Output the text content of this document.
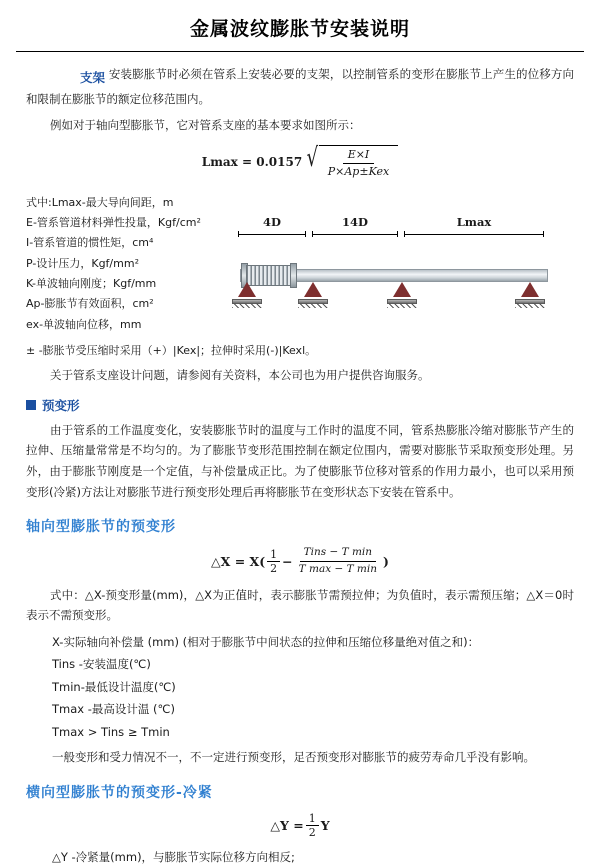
金属波纹膨胀节安装说明

支架 安装膨胀节时必须在管系上安装必要的支架，以控制管系的变形在膨胀节上产生的位移方向和限制在膨胀节的额定位移范围内。

例如对于轴向型膨胀节，它对管系支座的基本要求如图所示：

Lmax = 0.0157 √ $\frac{E\times I}{\text{P×Ap±Kex}}$
式中:Lmax-最大导向间距，m
E-管系管道材料弹性投量，Kgf/cm²
I-管系管道的惯性矩，cm⁴
P-设计压力，Kgf/mm²
K-单波轴向刚度；Kgf/mm
Ap-膨胀节有效面积，cm²
ex-单波轴向位移，mm
4D	14D	Lmax

± -膨胀节受压缩时采用（+）|Kex|；拉伸时采用(-)|Kexl。

关于管系支座设计问题，请参阅有关资料，本公司也为用户提供咨询服务。

预变形

由于管系的工作温度变化，安装膨胀节时的温度与工作时的温度不同，管系热膨胀冷缩对膨胀节产生的拉伸、压缩量常常是不均匀的。为了膨胀节变形范围控制在额定位围内，需要对膨胀节采取预变形处理。另外，由于膨胀节刚度是一个定值，与补偿量成正比。为了使膨胀节位移对管系的作用力最小，也可以采用预变形(冷紧)方法让对膨胀节进行预变形处理后再将膨胀节在变形状态下安装在管系中。

轴向型膨胀节的预变形
△X = X( 1
2 −
Tins − T min
T max − T min )

式中：△X-预变形量(mm)，△X为正值时，表示膨胀节需预拉伸；为负值时，表示需预压缩；△X＝0时表示不需预变形。

X-实际轴向补偿量 (mm) (相对于膨胀节中间状态的拉伸和压缩位移量绝对值之和)：
Tins -安装温度(℃)
Tmin-最低设计温度(℃)
Tmax -最高设计温 (℃)
Tmax > Tins ≥ Tmin

一般变形和受力情况不一，不一定进行预变形，足否预变形对膨胀节的疲劳寿命几乎没有影响。

横向型膨胀节的预变形-冷紧
△Y = $\frac{1}{2}$ Y

△Y -冷紧量(mm)，与膨胀节实际位移方向相反;
